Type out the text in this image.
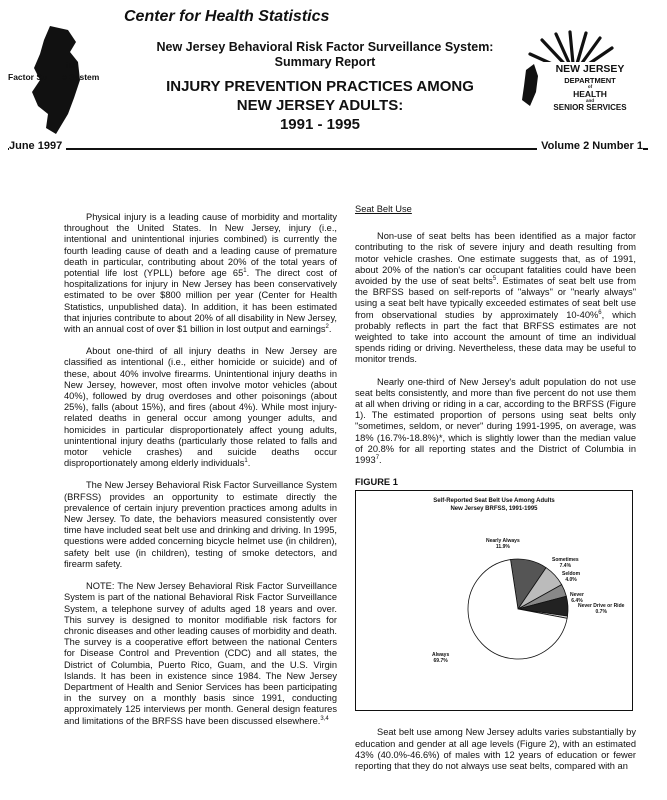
Center for Health Statistics
B
isk
Factor Su e System
New Jersey Behavioral Risk Factor Surveillance System:
Summary Report
INJURY PREVENTION PRACTICES AMONG
NEW JERSEY ADULTS:
1991 - 1995
NEW JERSEY
DEPARTMENT
of
HEALTH
and
SENIOR SERVICES
June 1997	Volume 2 Number 1

Physical injury is a leading cause of morbidity and mortality throughout the United States. In New Jersey, injury (i.e., intentional and unintentional injuries combined) is currently the fourth leading cause of death and a leading cause of premature death in particular, contributing about 20% of the total years of potential life lost (YPLL) before age $65^1$. The direct cost of hospitalizations for injury in New Jersey has been conservatively estimated to be over $800 million per year (Center for Health Statistics, unpublished data). In addition, it has been estimated that injuries contribute to about 20% of all disability in New Jersey, with an annual cost of over $1 billion in lost output and earnings$^2$.

About one-third of all injury deaths in New Jersey are classified as intentional (i.e., either homicide or suicide) and of these, about 40% involve firearms. Unintentional injury deaths in New Jersey, however, most often involve motor vehicles (about 40%), followed by drug overdoses and other poisonings (about 25%), falls (about 15%), and fires (about 4%). While most injury-related deaths in general occur among younger adults, and homicides in particular disproportionately affect young adults, unintentional injury deaths (particularly those related to falls and motor vehicle crashes) and suicide deaths occur disproportionately among elderly individuals$^1$.

The New Jersey Behavioral Risk Factor Surveillance System (BRFSS) provides an opportunity to estimate directly the prevalence of certain injury prevention practices among adults in New Jersey. To date, the behaviors measured consistently over time have included seat belt use and drinking and driving. In 1995, questions were added concerning bicycle helmet use (in children), safety belt use (in children), testing of smoke detectors, and firearm safety.

NOTE: The New Jersey Behavioral Risk Factor Surveillance System is part of the national Behavioral Risk Factor Surveillance System, a telephone survey of adults aged 18 years and over. This survey is designed to monitor modifiable risk factors for chronic diseases and other leading causes of morbidity and death. The survey is a cooperative effort between the national Centers for Disease Control and Prevention (CDC) and all states, the District of Columbia, Puerto Rico, Guam, and the U.S. Virgin Islands. It has been in existence since 1984. The New Jersey Department of Health and Senior Services has been participating in the survey on a monthly basis since 1991, conducting approximately 125 interviews per month. General design features and limitations of the BRFSS have been discussed elsewhere.$^{3,4}$

Seat Belt Use

Non-use of seat belts has been identified as a major factor contributing to the risk of severe injury and death resulting from motor vehicle crashes. One estimate suggests that, as of 1991, about 20% of the nation's car occupant fatalities could have been avoided by the use of seat belts$^5$. Estimates of seat belt use from the BRFSS based on self-reports of "always" or "nearly always" using a seat belt have typically exceeded estimates of seat belt use from observational studies by approximately 10-40%$^6$, which probably reflects in part the fact that BRFSS estimates are not weighted to take into account the amount of time an individual spends riding or driving. Nevertheless, these data may be useful to monitor trends.

Nearly one-third of New Jersey's adult population do not use seat belts consistently, and more than five percent do not use them at all when driving or riding in a car, according to the BRFSS (Figure 1). The estimated proportion of persons using seat belts only "sometimes, seldom, or never" during 1991-1995, on average, was 18% (16.7%-18.8%)*, which is slightly lower than the median value of 20.8% for all reporting states and the District of Columbia in 1993$^7$.

FIGURE 1
Self-Reported Seat Belt Use Among Adults
New Jersey BRFSS, 1991-1995
Nearly Always
11.9%
Sometimes
7.4%
Seldom
4.0%
Never
6.4%
Never Drive or Ride
0.7%
Always
69.7%

Seat belt use among New Jersey adults varies substantially by education and gender at all age levels (Figure 2), with an estimated 43% (40.0%-46.6%) of males with 12 years of education or fewer reporting that they do not always use seat belts, compared with an
